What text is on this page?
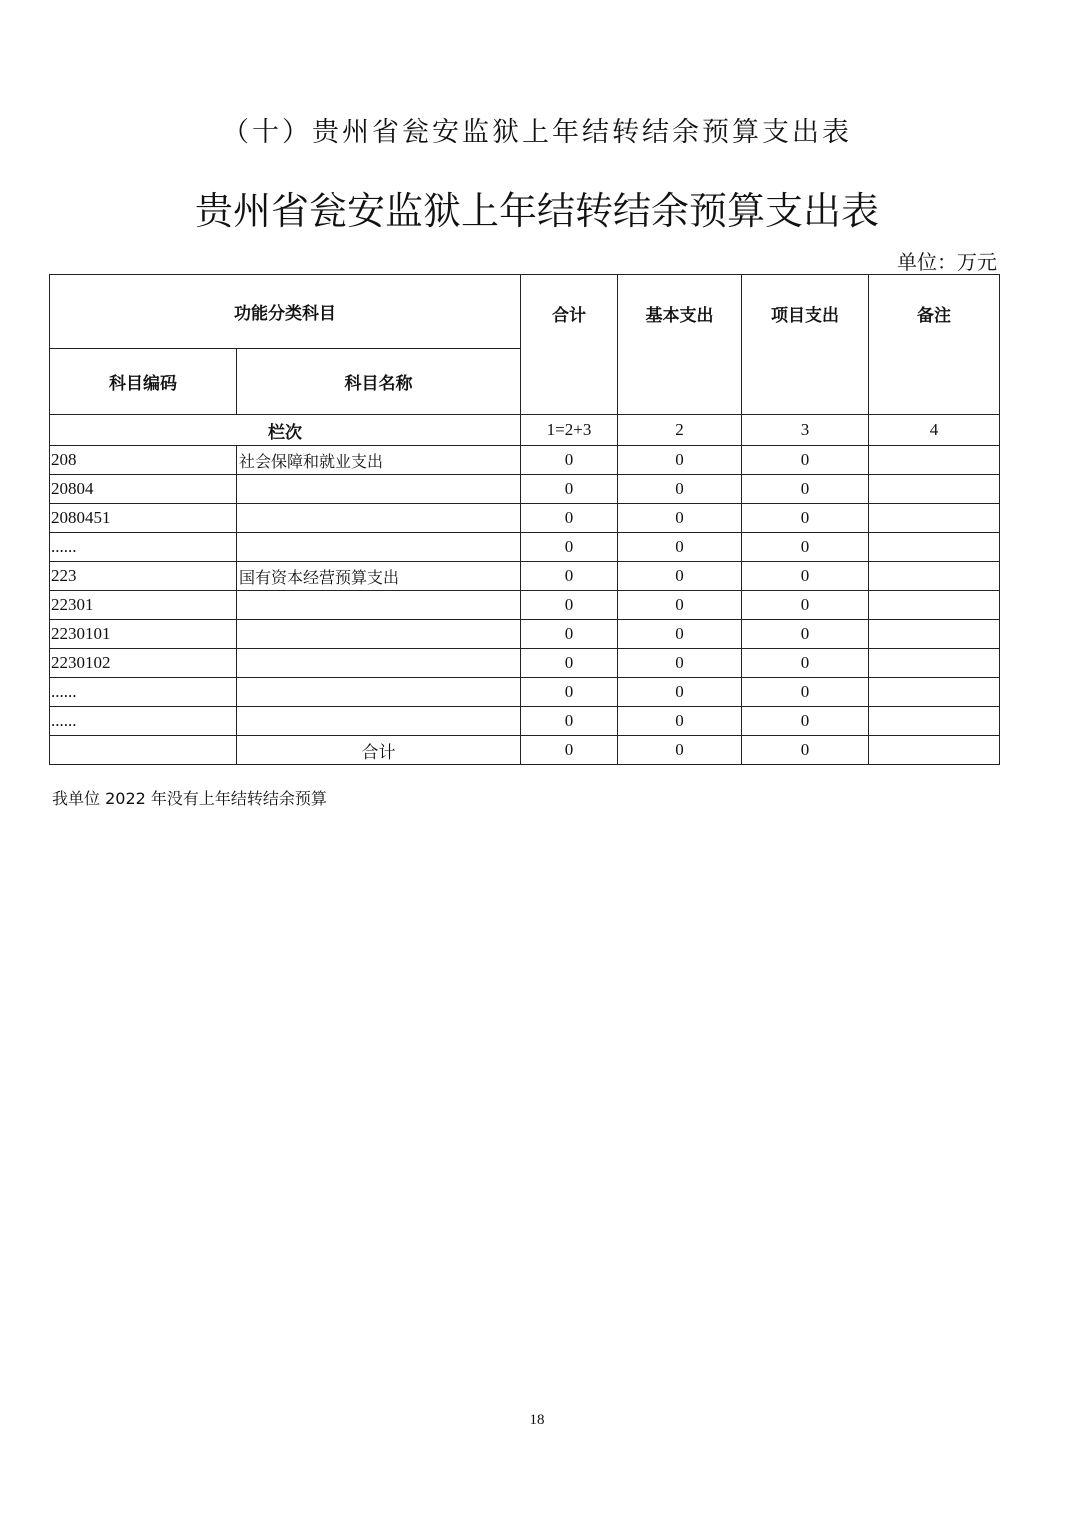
（十）贵州省瓮安监狱上年结转结余预算支出表
贵州省瓮安监狱上年结转结余预算支出表
单位：万元
功能分类科目		合计	基本支出	项目支出	备注
科目编码	科目名称				
栏次		1=2+3	2	3	4
208	社会保障和就业支出	0	0	0	
20804		0	0	0	
2080451		0	0	0	
......		0	0	0	
223	国有资本经营预算支出	0	0	0	
22301		0	0	0	
2230101		0	0	0	
2230102		0	0	0	
......		0	0	0	
......		0	0	0	
	合计	0	0	0	
我单位 2022 年没有上年结转结余预算
18
